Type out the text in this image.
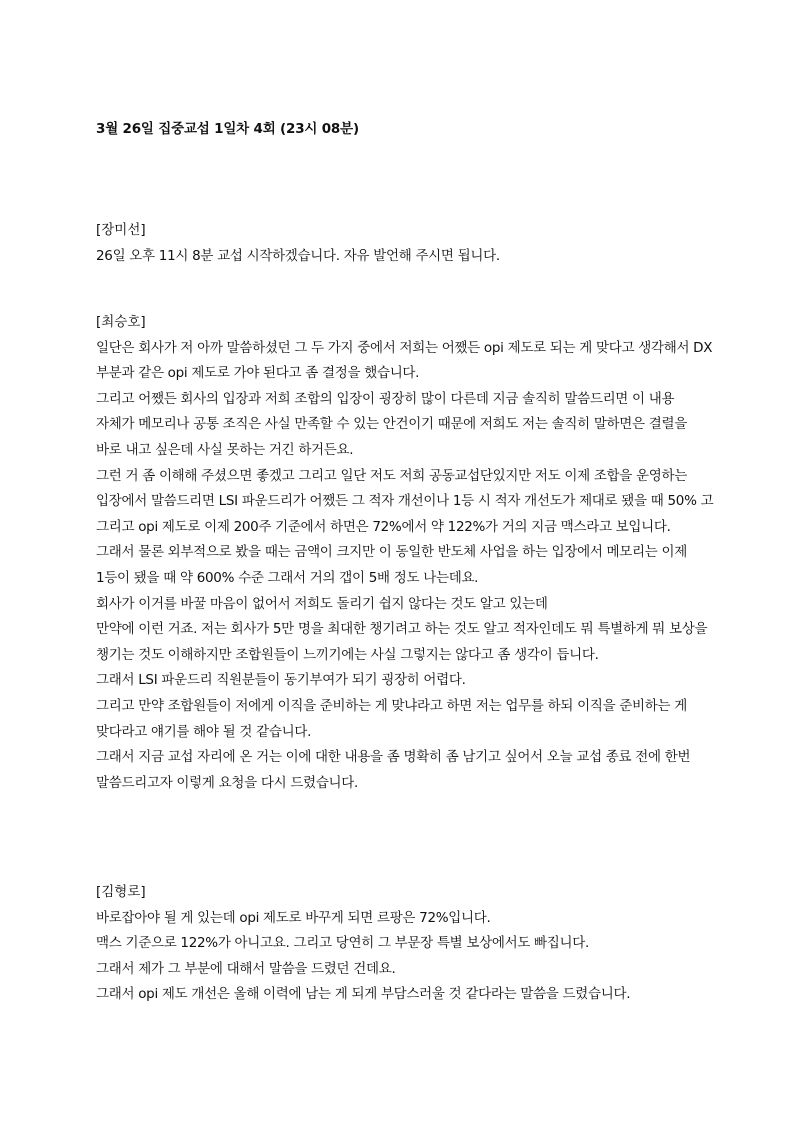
3월 26일 집중교섭 1일차 4회 (23시 08분)
[장미선]

26일 오후 11시 8분 교섭 시작하겠습니다. 자유 발언해 주시면 됩니다.

[최승호]

일단은 회사가 저 아까 말씀하셨던 그 두 가지 중에서 저희는 어쨌든 opi 제도로 되는 게 맞다고 생각해서 DX 부분과 같은 opi 제도로 가야 된다고 좀 결정을 했습니다.

그리고 어쨌든 회사의 입장과 저희 조합의 입장이 굉장히 많이 다른데 지금 솔직히 말씀드리면 이 내용 자체가 메모리나 공통 조직은 사실 만족할 수 있는 안건이기 때문에 저희도 저는 솔직히 말하면은 결렬을 바로 내고 싶은데 사실 못하는 거긴 하거든요.

그런 거 좀 이해해 주셨으면 좋겠고 그리고 일단 저도 저희 공동교섭단있지만 저도 이제 조합을 운영하는 입장에서 말씀드리면 LSI 파운드리가 어쨌든 그 적자 개선이나 1등 시 적자 개선도가 제대로 됐을 때 50% 고 그리고 opi 제도로 이제 200주 기준에서 하면은 72%에서 약 122%가 거의 지금 맥스라고 보입니다.

그래서 물론 외부적으로 봤을 때는 금액이 크지만 이 동일한 반도체 사업을 하는 입장에서 메모리는 이제 1등이 됐을 때 약 600% 수준 그래서 거의 갭이 5배 정도 나는데요.

회사가 이거를 바꿀 마음이 없어서 저희도 돌리기 쉽지 않다는 것도 알고 있는데

만약에 이런 거죠. 저는 회사가 5만 명을 최대한 챙기려고 하는 것도 알고 적자인데도 뭐 특별하게 뭐 보상을 챙기는 것도 이해하지만 조합원들이 느끼기에는 사실 그렇지는 않다고 좀 생각이 듭니다.

그래서 LSI 파운드리 직원분들이 동기부여가 되기 굉장히 어렵다.

그리고 만약 조합원들이 저에게 이직을 준비하는 게 맞냐라고 하면 저는 업무를 하되 이직을 준비하는 게 맞다라고 얘기를 해야 될 것 같습니다.

그래서 지금 교섭 자리에 온 거는 이에 대한 내용을 좀 명확히 좀 남기고 싶어서 오늘 교섭 종료 전에 한번 말씀드리고자 이렇게 요청을 다시 드렸습니다.

[김형로]

바로잡아야 될 게 있는데 opi 제도로 바꾸게 되면 르팡은 72%입니다.

맥스 기준으로 122%가 아니고요. 그리고 당연히 그 부문장 특별 보상에서도 빠집니다.

그래서 제가 그 부분에 대해서 말씀을 드렸던 건데요.

그래서 opi 제도 개선은 올해 이력에 남는 게 되게 부담스러울 것 같다라는 말씀을 드렸습니다.
